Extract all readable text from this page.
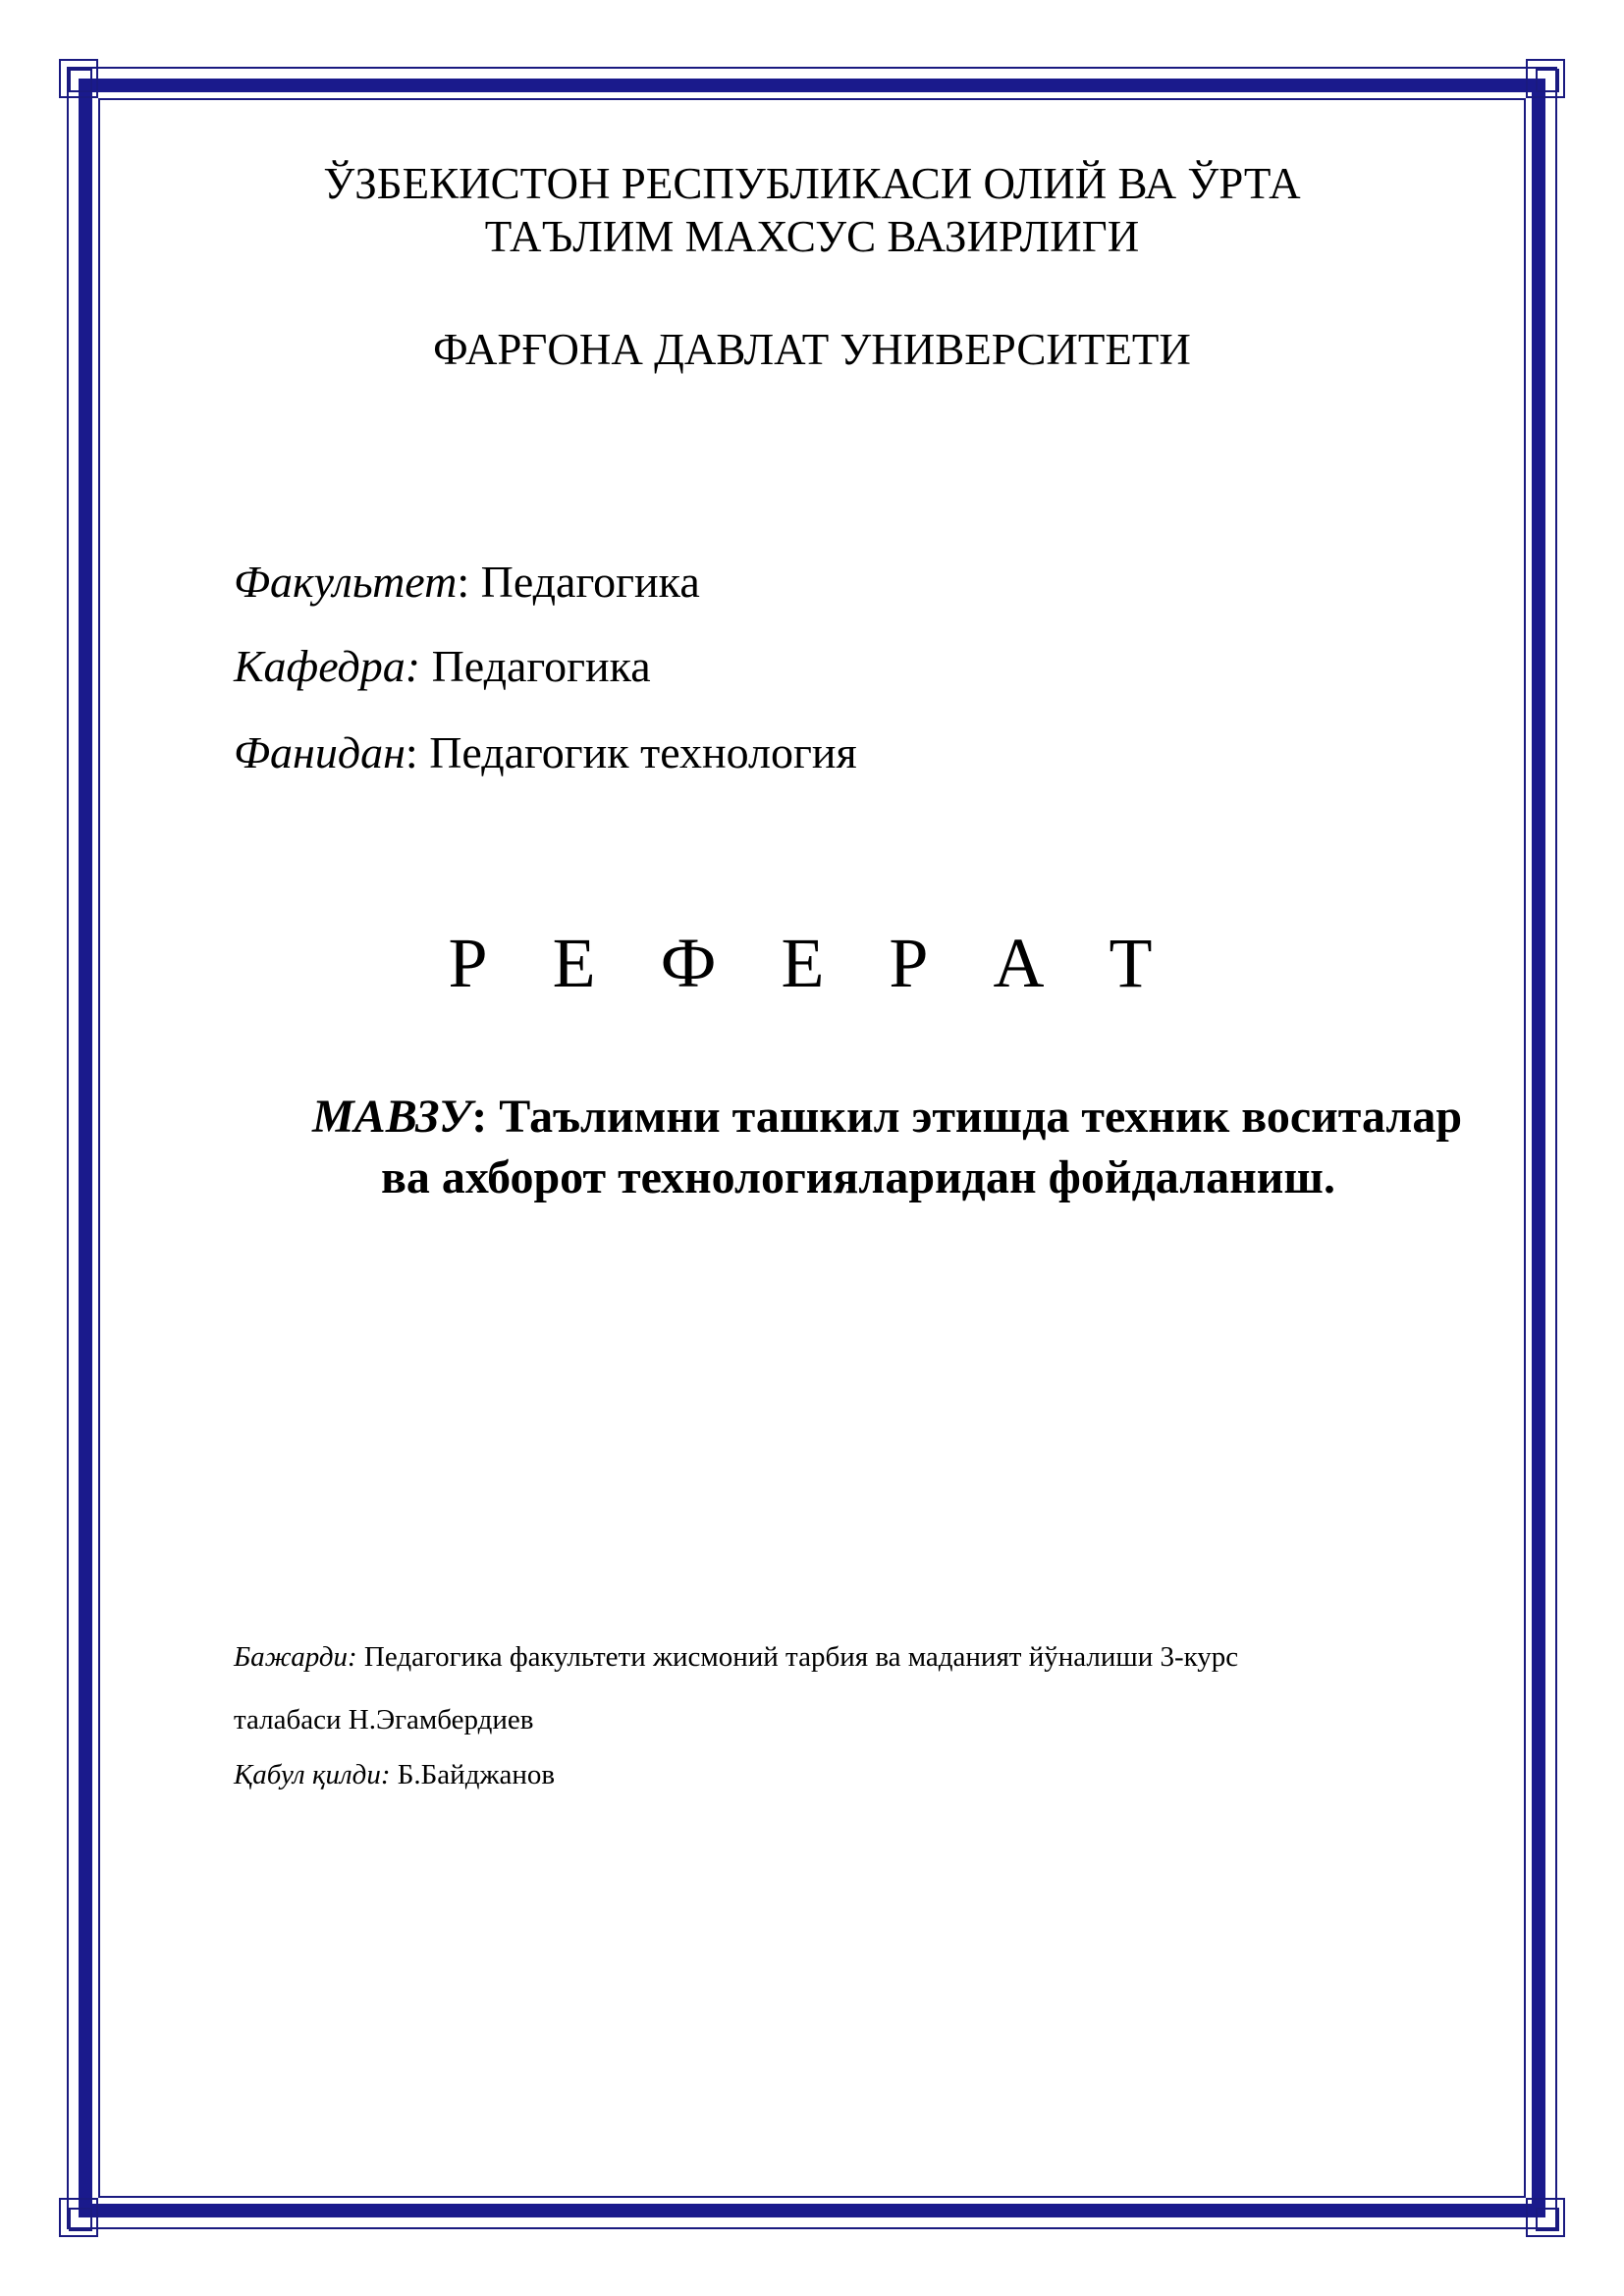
ЎЗБЕКИСТОН РЕСПУБЛИКАСИ ОЛИЙ ВА ЎРТА
ТАЪЛИМ МАХСУС ВАЗИРЛИГИ
ФАРҒОНА ДАВЛАТ УНИВЕРСИТЕТИ
Факультет: Педагогика
Кафедра: Педагогика
Фанидан: Педагогик технология
Р Е Ф Е Р А Т
МАВЗУ: Таълимни ташкил этишда техник воситалар
ва ахборот технологияларидан фойдаланиш.
Бажарди: Педагогика факультети жисмоний тарбия ва маданият йўналиши 3-курс
талабаси Н.Эгамбердиев
Қабул қилди: Б.Байджанов
